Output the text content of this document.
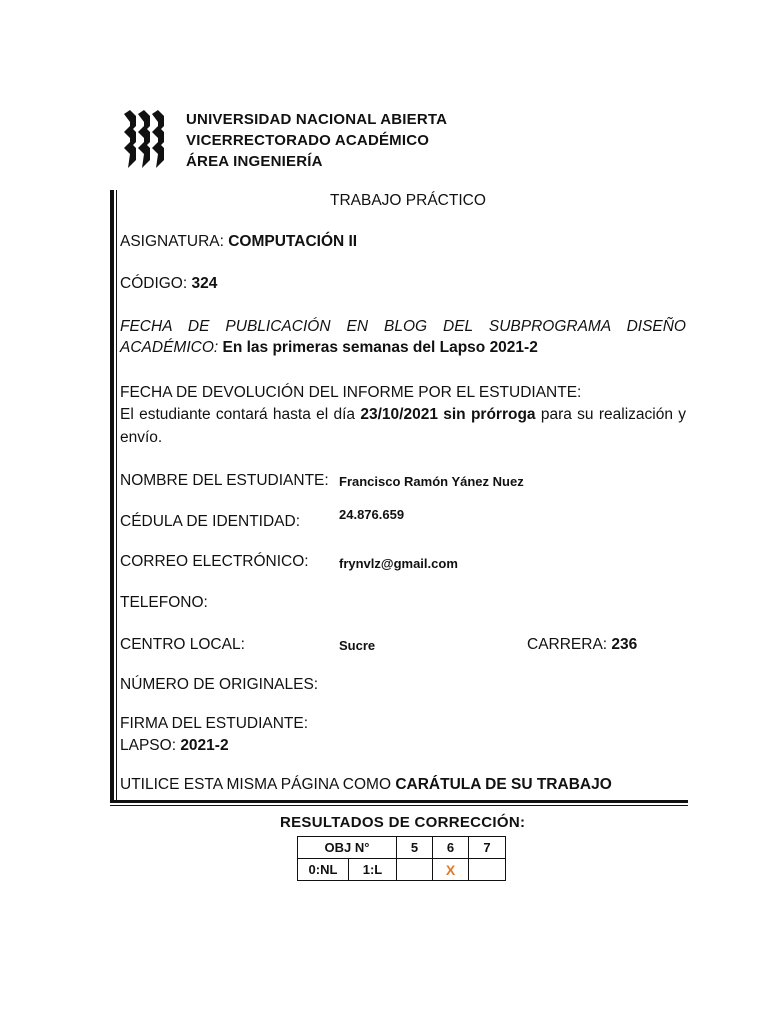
UNIVERSIDAD NACIONAL ABIERTA
VICERRECTORADO ACADÉMICO
ÁREA INGENIERÍA
TRABAJO PRÁCTICO
ASIGNATURA: COMPUTACIÓN II
CÓDIGO: 324
FECHA DE PUBLICACIÓN EN BLOG DEL SUBPROGRAMA DISEÑO
ACADÉMICO: En las primeras semanas del Lapso 2021-2
FECHA DE DEVOLUCIÓN DEL INFORME POR EL ESTUDIANTE:
El estudiante contará hasta el día 23/10/2021 sin prórroga para su realización y
envío.
NOMBRE DEL ESTUDIANTE: Francisco Ramón Yánez Nuez
CÉDULA DE IDENTIDAD:	24.876.659
CORREO ELECTRÓNICO: frynvlz@gmail.com
TELEFONO:
CENTRO LOCAL:	Sucre	CARRERA: 236
NÚMERO DE ORIGINALES:
FIRMA DEL ESTUDIANTE:
LAPSO: 2021-2
UTILICE ESTA MISMA PÁGINA COMO CARÁTULA DE SU TRABAJO
RESULTADOS DE CORRECCIÓN:
OBJ N°		5	6	7
0:NL	1:L		X	
